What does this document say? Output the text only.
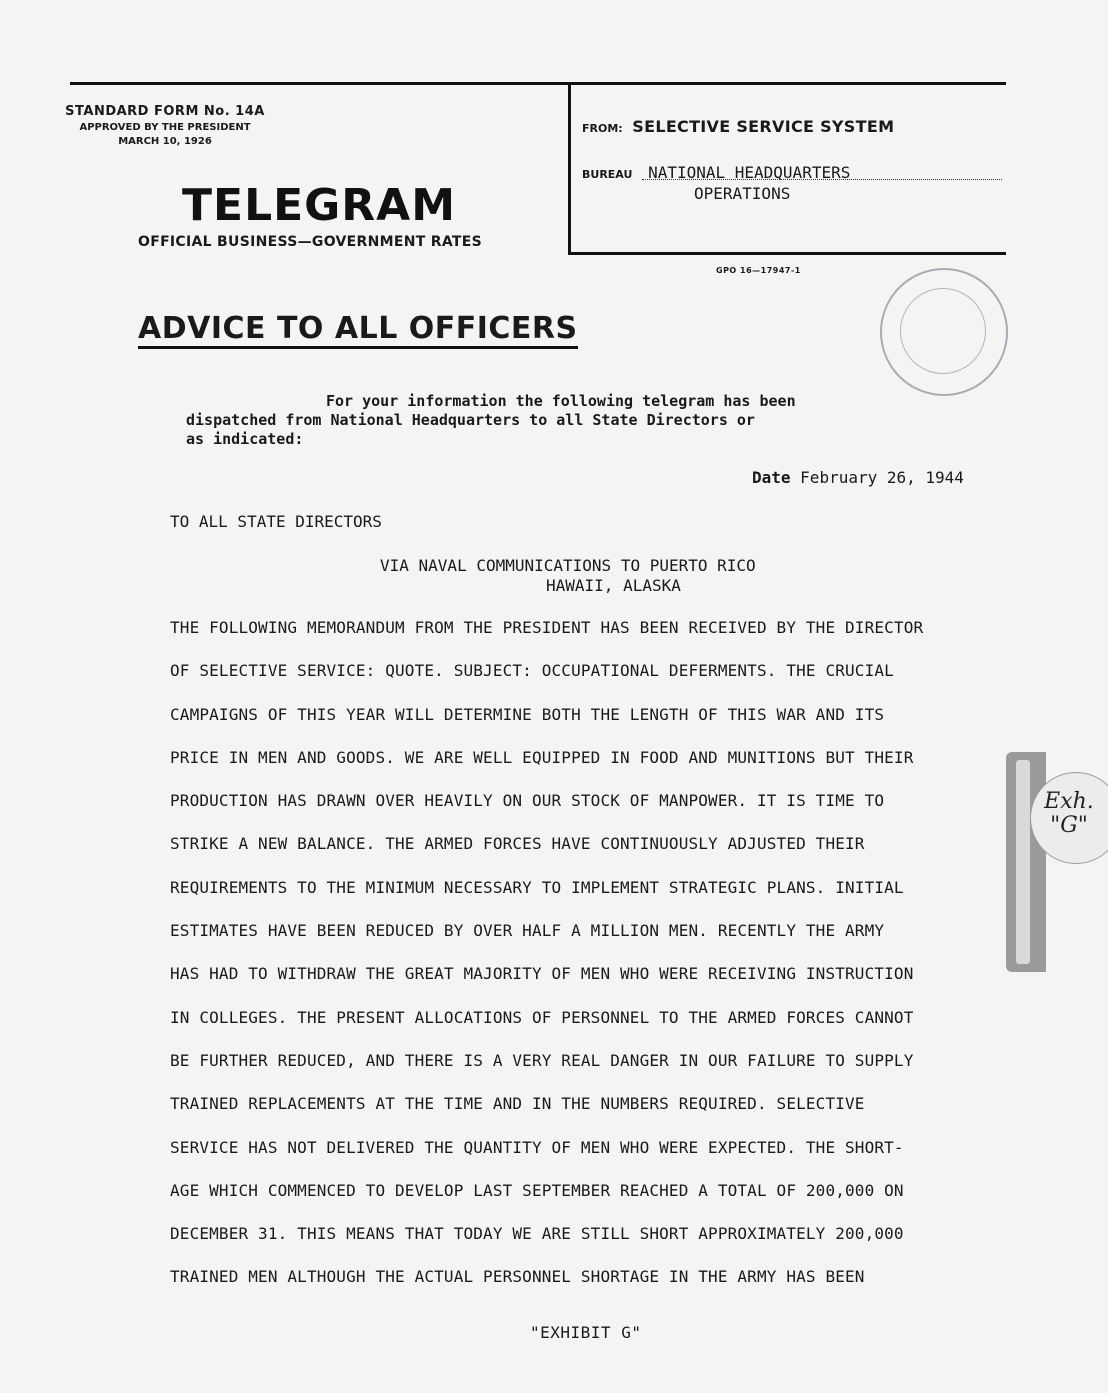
STANDARD FORM No. 14A
APPROVED BY THE PRESIDENT
MARCH 10, 1926
TELEGRAM
OFFICIAL BUSINESS—GOVERNMENT RATES
FROM: SELECTIVE SERVICE SYSTEM
BUREAU NATIONAL HEADQUARTERS
OPERATIONS
GPO 16—17947-1
ADVICE TO ALL OFFICERS
For your information the following telegram has been
dispatched from National Headquarters to all State Directors or
as indicated:
Date February 26, 1944
TO ALL STATE DIRECTORS
VIA NAVAL COMMUNICATIONS TO PUERTO RICO
HAWAII, ALASKA
THE FOLLOWING MEMORANDUM FROM THE PRESIDENT HAS BEEN RECEIVED BY THE DIRECTOR
OF SELECTIVE SERVICE: QUOTE. SUBJECT: OCCUPATIONAL DEFERMENTS. THE CRUCIAL
CAMPAIGNS OF THIS YEAR WILL DETERMINE BOTH THE LENGTH OF THIS WAR AND ITS
PRICE IN MEN AND GOODS. WE ARE WELL EQUIPPED IN FOOD AND MUNITIONS BUT THEIR
PRODUCTION HAS DRAWN OVER HEAVILY ON OUR STOCK OF MANPOWER. IT IS TIME TO
STRIKE A NEW BALANCE. THE ARMED FORCES HAVE CONTINUOUSLY ADJUSTED THEIR
REQUIREMENTS TO THE MINIMUM NECESSARY TO IMPLEMENT STRATEGIC PLANS. INITIAL
ESTIMATES HAVE BEEN REDUCED BY OVER HALF A MILLION MEN. RECENTLY THE ARMY
HAS HAD TO WITHDRAW THE GREAT MAJORITY OF MEN WHO WERE RECEIVING INSTRUCTION
IN COLLEGES. THE PRESENT ALLOCATIONS OF PERSONNEL TO THE ARMED FORCES CANNOT
BE FURTHER REDUCED, AND THERE IS A VERY REAL DANGER IN OUR FAILURE TO SUPPLY
TRAINED REPLACEMENTS AT THE TIME AND IN THE NUMBERS REQUIRED. SELECTIVE
SERVICE HAS NOT DELIVERED THE QUANTITY OF MEN WHO WERE EXPECTED. THE SHORT-
AGE WHICH COMMENCED TO DEVELOP LAST SEPTEMBER REACHED A TOTAL OF 200,000 ON
DECEMBER 31. THIS MEANS THAT TODAY WE ARE STILL SHORT APPROXIMATELY 200,000
TRAINED MEN ALTHOUGH THE ACTUAL PERSONNEL SHORTAGE IN THE ARMY HAS BEEN
"EXHIBIT G"
Exh. "G"
